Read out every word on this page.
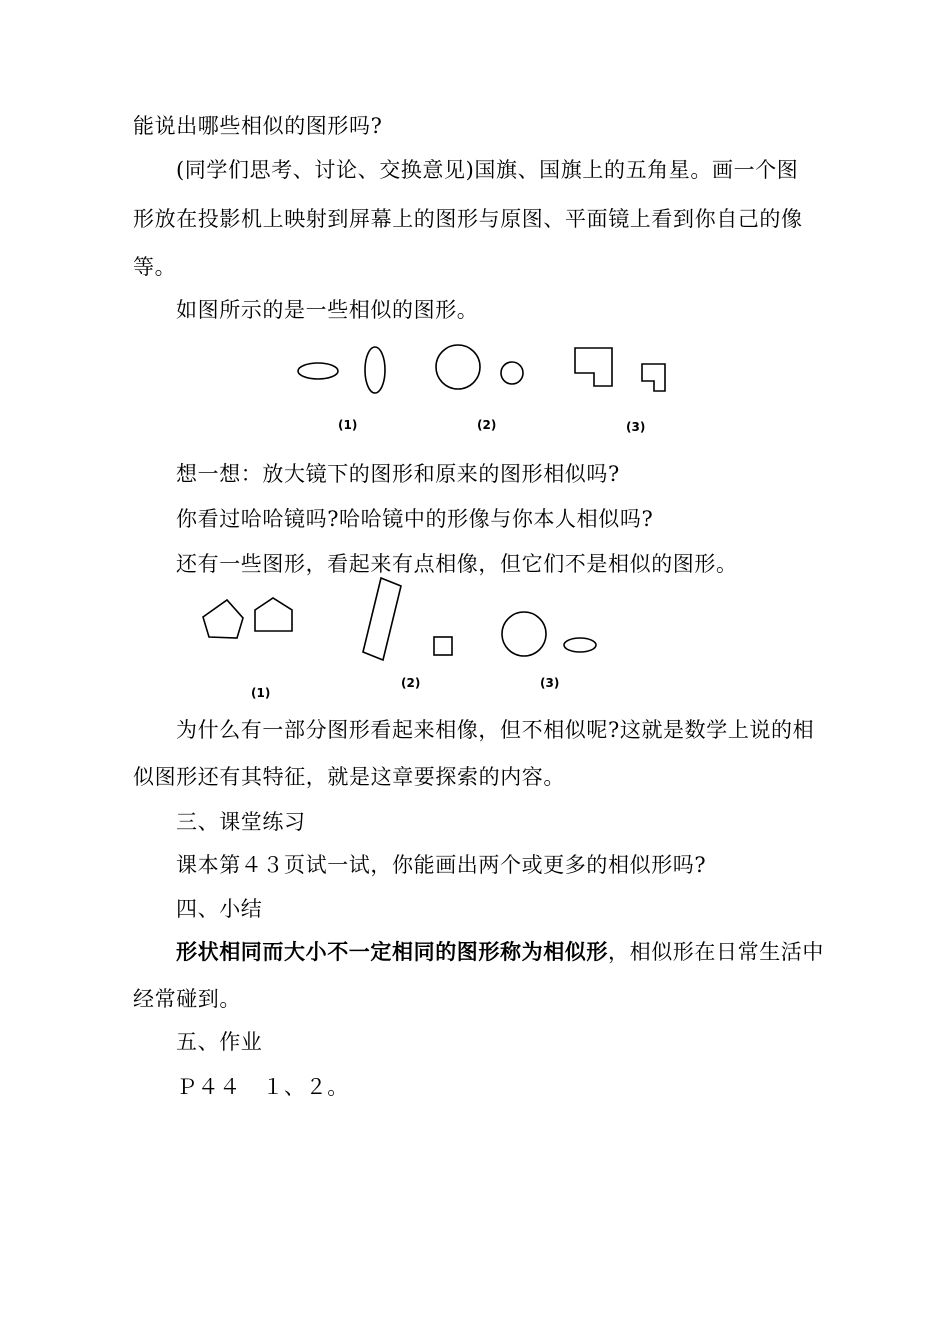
能说出哪些相似的图形吗?
(同学们思考、讨论、交换意见)国旗、国旗上的五角星。画一个图
形放在投影机上映射到屏幕上的图形与原图、平面镜上看到你自己的像
等。
如图所示的是一些相似的图形。
(1)	(2)	(3)
想一想：放大镜下的图形和原来的图形相似吗?
你看过哈哈镜吗?哈哈镜中的形像与你本人相似吗?
还有一些图形，看起来有点相像，但它们不是相似的图形。
(1)
(2)	(3)
为什么有一部分图形看起来相像，但不相似呢?这就是数学上说的相
似图形还有其特征，就是这章要探索的内容。
三、课堂练习
课本第４３页试一试，你能画出两个或更多的相似形吗?
四、小结
形状相同而大小不一定相同的图形称为相似形，相似形在日常生活中
经常碰到。
五、作业
Ｐ４４　１、２。
